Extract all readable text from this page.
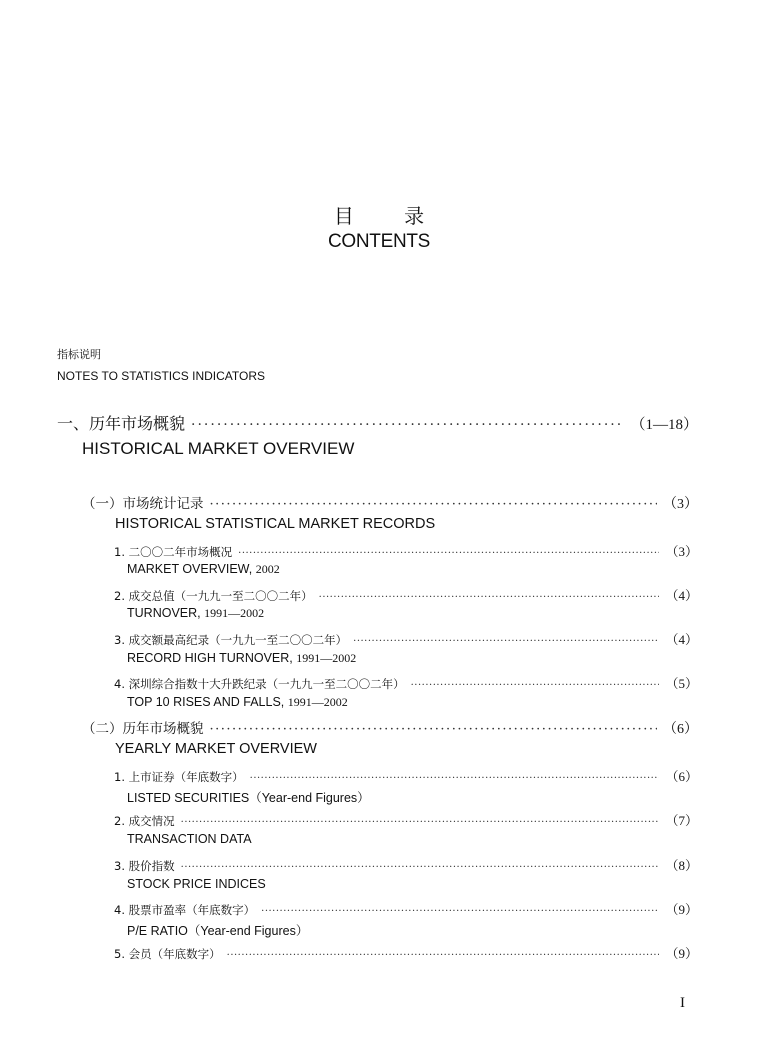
目 录
CONTENTS
指标说明
NOTES TO STATISTICS INDICATORS
一、历年市场概貌 ·····	（1—18）
HISTORICAL MARKET OVERVIEW
（一）市场统计记录 ·····	（3）
HISTORICAL STATISTICAL MARKET RECORDS
1. 二〇〇二年市场概况 ·····	（3）
MARKET OVERVIEW, 2002
2. 成交总值（一九九一至二〇〇二年） ·····	（4）
TURNOVER, 1991—2002
3. 成交额最高纪录（一九九一至二〇〇二年） ·····	（4）
RECORD HIGH TURNOVER, 1991—2002
4. 深圳综合指数十大升跌纪录（一九九一至二〇〇二年） ·····	（5）
TOP 10 RISES AND FALLS, 1991—2002
（二）历年市场概貌 ·····	（6）
YEARLY MARKET OVERVIEW
1. 上市证券（年底数字） ·····	（6）
LISTED SECURITIES（Year-end Figures）
2. 成交情况 ·····	（7）
TRANSACTION DATA
3. 股价指数 ·····	（8）
STOCK PRICE INDICES
4. 股票市盈率（年底数字） ·····	（9）
P/E RATIO（Year-end Figures）
5. 会员（年底数字） ·····	（9）
I
